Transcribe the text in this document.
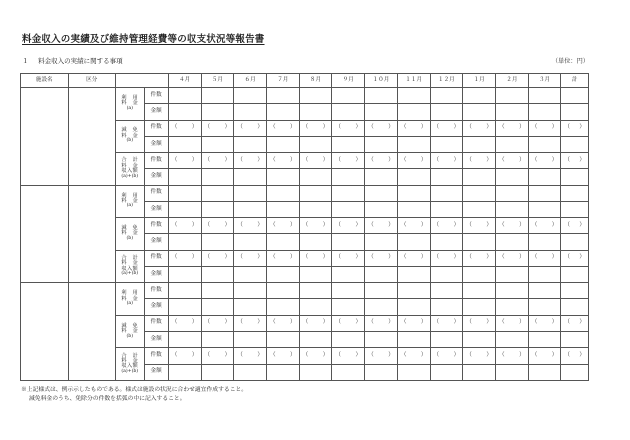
料金収入の実績及び維持管理経費等の収支状況等報告書
１ 料金収入の実績に関する事項	（単位：円）
施設名	区分			４月	５月	６月	７月	８月	９月	１０月	１１月	１２月	１月	２月	３月	計

		利　用
料　金
(a)	件数													
			金額													

		減　免
料　金
(b)	件数	（ ）	（ ）	（ ）	（ ）	（ ）	（ ）	（ ）	（ ）	（ ）	（ ）	（ ）	（ ）	（ ）

			金額													

		合　計
料　金
収入額
(a)+(b)	件数	（ ）	（ ）	（ ）	（ ）	（ ）	（ ）	（ ）	（ ）	（ ）	（ ）	（ ）	（ ）	（ ）

			金額													

		利　用
料　金
(a)	件数													
			金額													

		減　免
料　金
(b)	件数	（ ）	（ ）	（ ）	（ ）	（ ）	（ ）	（ ）	（ ）	（ ）	（ ）	（ ）	（ ）	（ ）

			金額													

		合　計
料　金
収入額
(a)+(b)	件数	（ ）	（ ）	（ ）	（ ）	（ ）	（ ）	（ ）	（ ）	（ ）	（ ）	（ ）	（ ）	（ ）

			金額													

		利　用
料　金
(a)	件数													
			金額													

		減　免
料　金
(b)	件数	（ ）	（ ）	（ ）	（ ）	（ ）	（ ）	（ ）	（ ）	（ ）	（ ）	（ ）	（ ）	（ ）

			金額													

		合　計
料　金
収入額
(a)+(b)	件数	（ ）	（ ）	（ ）	（ ）	（ ）	（ ）	（ ）	（ ）	（ ）	（ ）	（ ）	（ ）	（ ）

			金額													
※上記様式は、例示示したものである。様式は施設の状況に合わせ適宜作成すること。
減免料金のうち、免除分の件数を括弧の中に記入すること。
